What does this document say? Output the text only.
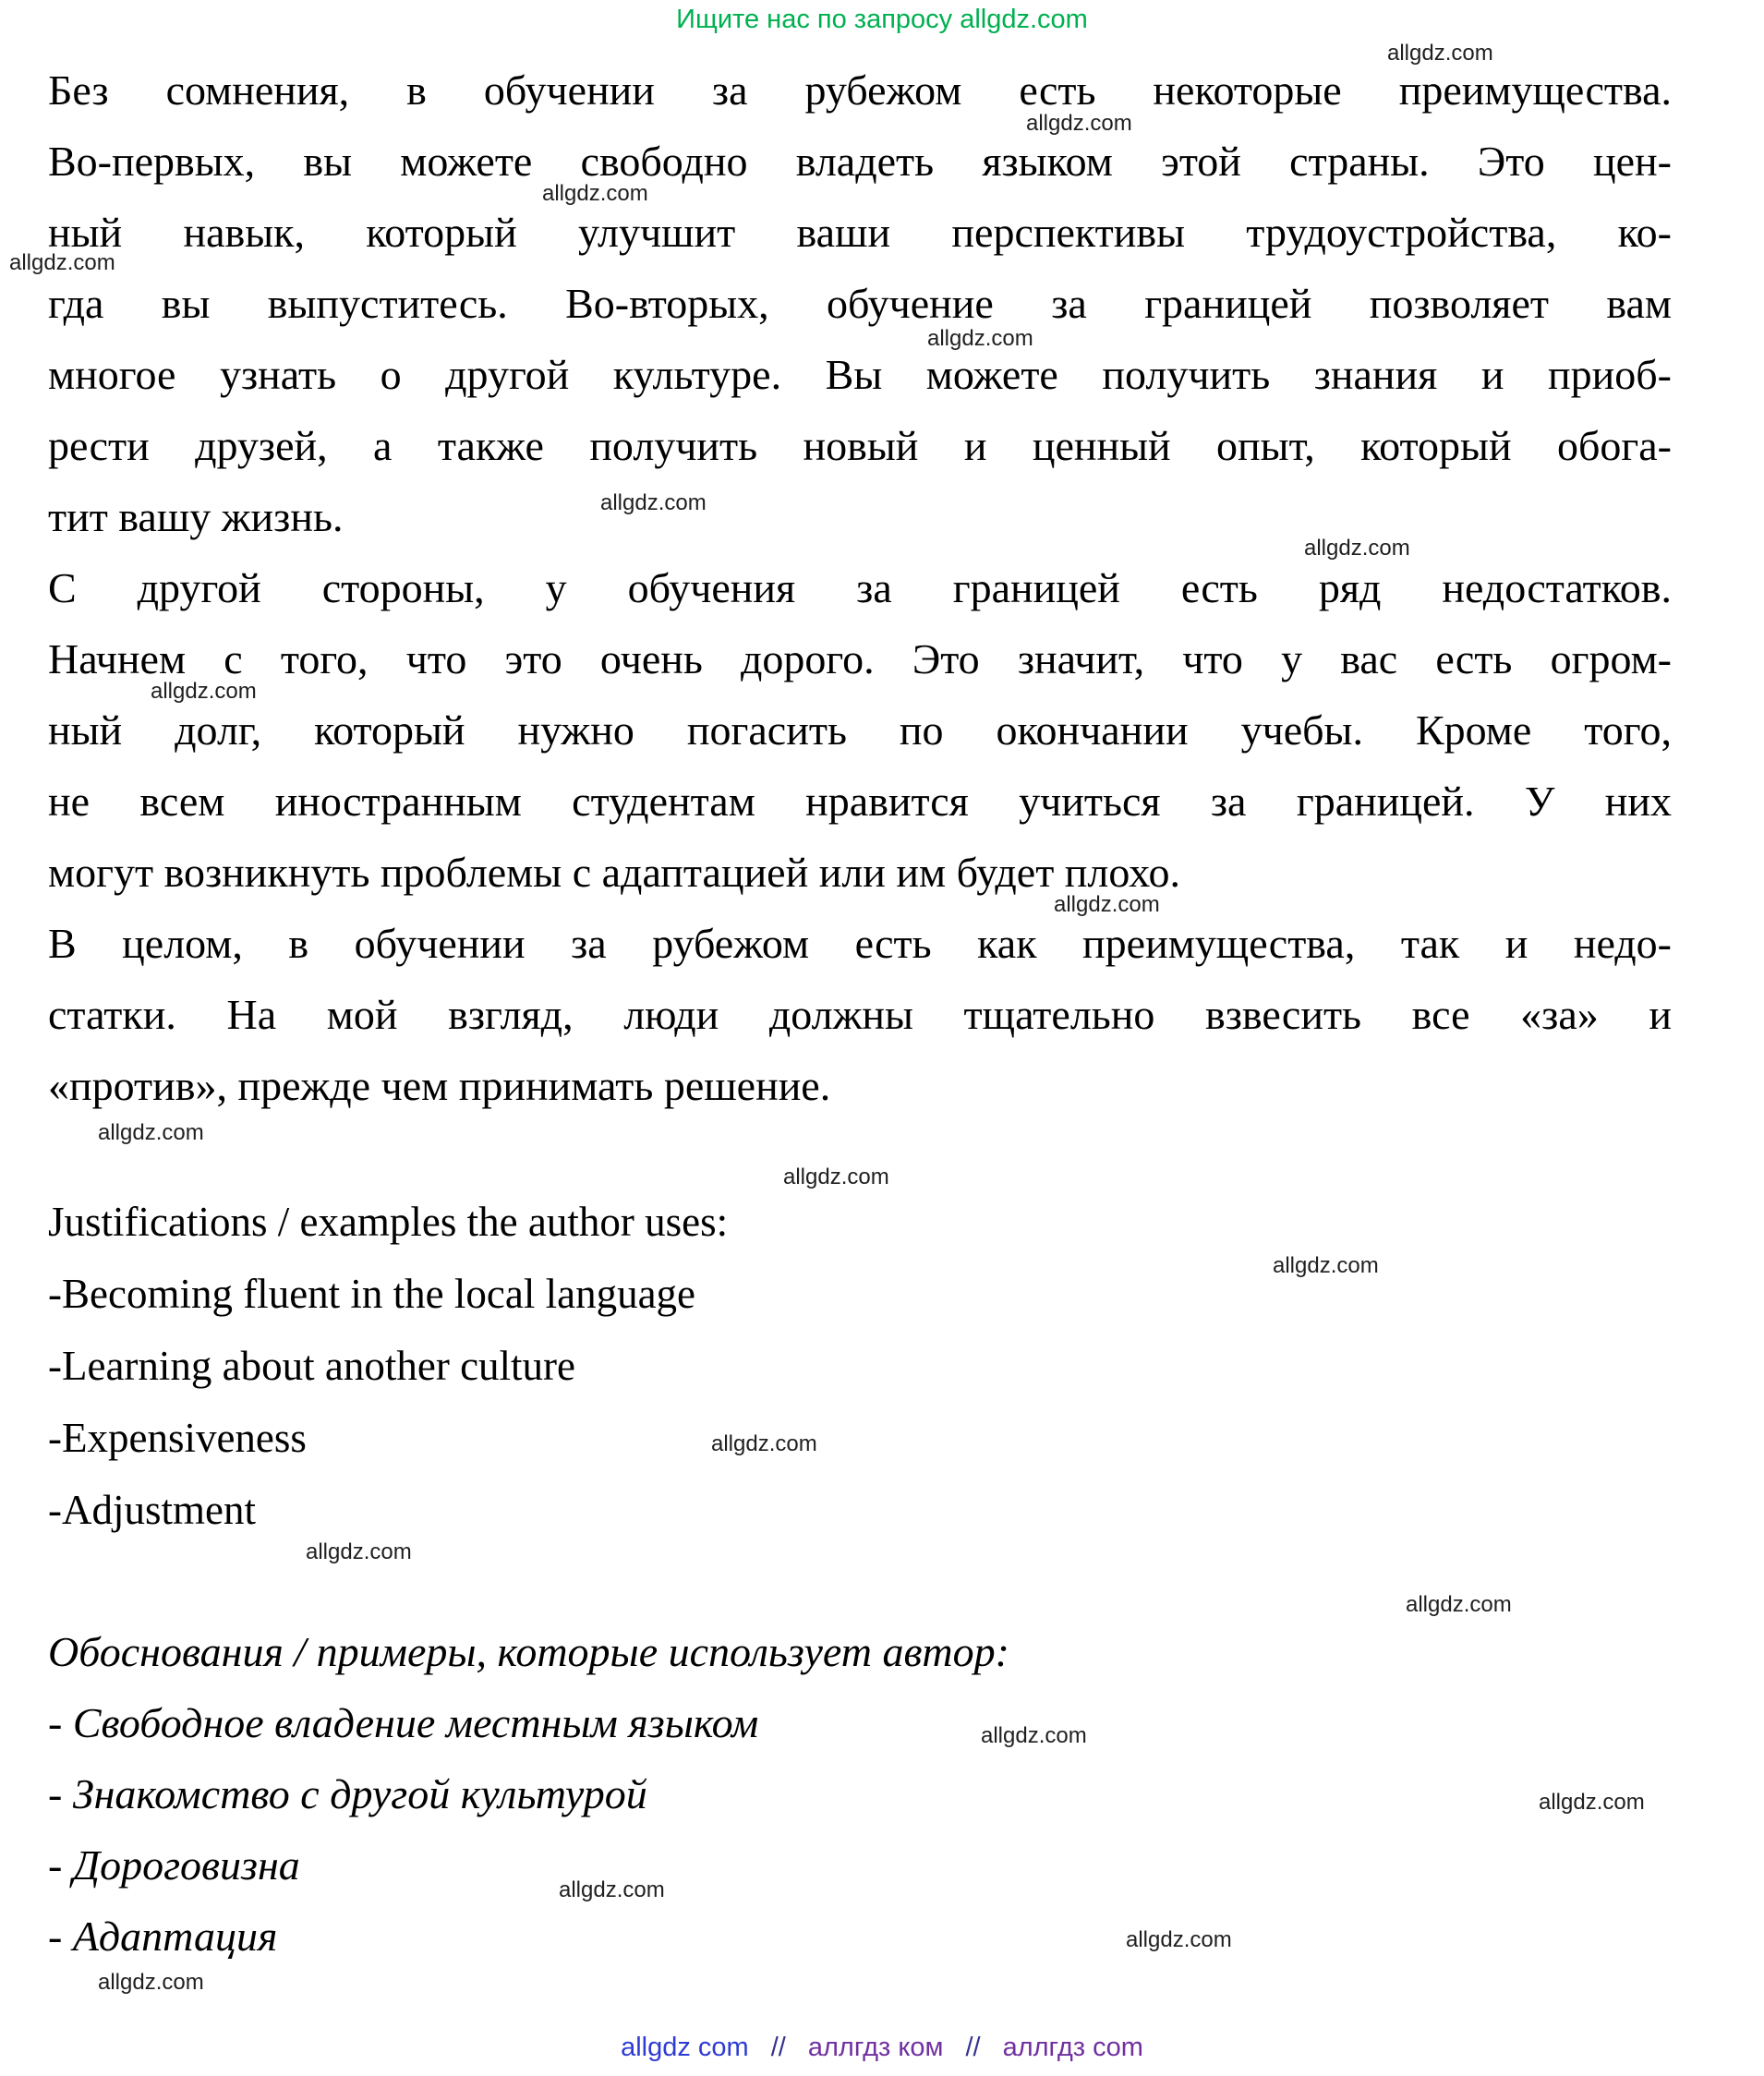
Ищите нас по запросу allgdz.com
Без сомнения, в обучении за рубежом есть некоторые преимущества.
Во-первых, вы можете свободно владеть языком этой страны. Это цен-
ный навык, который улучшит ваши перспективы трудоустройства, ко-
гда вы выпуститесь. Во-вторых, обучение за границей позволяет вам
многое узнать о другой культуре. Вы можете получить знания и приоб-
рести друзей, а также получить новый и ценный опыт, который обога-
тит вашу жизнь.
С другой стороны, у обучения за границей есть ряд недостатков.
Начнем с того, что это очень дорого. Это значит, что у вас есть огром-
ный долг, который нужно погасить по окончании учебы. Кроме того,
не всем иностранным студентам нравится учиться за границей. У них
могут возникнуть проблемы с адаптацией или им будет плохо.
В целом, в обучении за рубежом есть как преимущества, так и недо-
статки. На мой взгляд, люди должны тщательно взвесить все «за» и
«против», прежде чем принимать решение.
Justifications / examples the author uses:
-Becoming fluent in the local language
-Learning about another culture
-Expensiveness
-Adjustment
Обоснования / примеры, которые использует автор:
- Свободное владение местным языком
- Знакомство с другой культурой
- Дороговизна
- Адаптация
allgdz com // аллгдз ком // аллгдз com
allgdz.com
allgdz.com
allgdz.com
allgdz.com
allgdz.com
allgdz.com
allgdz.com
allgdz.com
allgdz.com
allgdz.com
allgdz.com
allgdz.com
allgdz.com
allgdz.com
allgdz.com
allgdz.com
allgdz.com
allgdz.com
allgdz.com
allgdz.com
